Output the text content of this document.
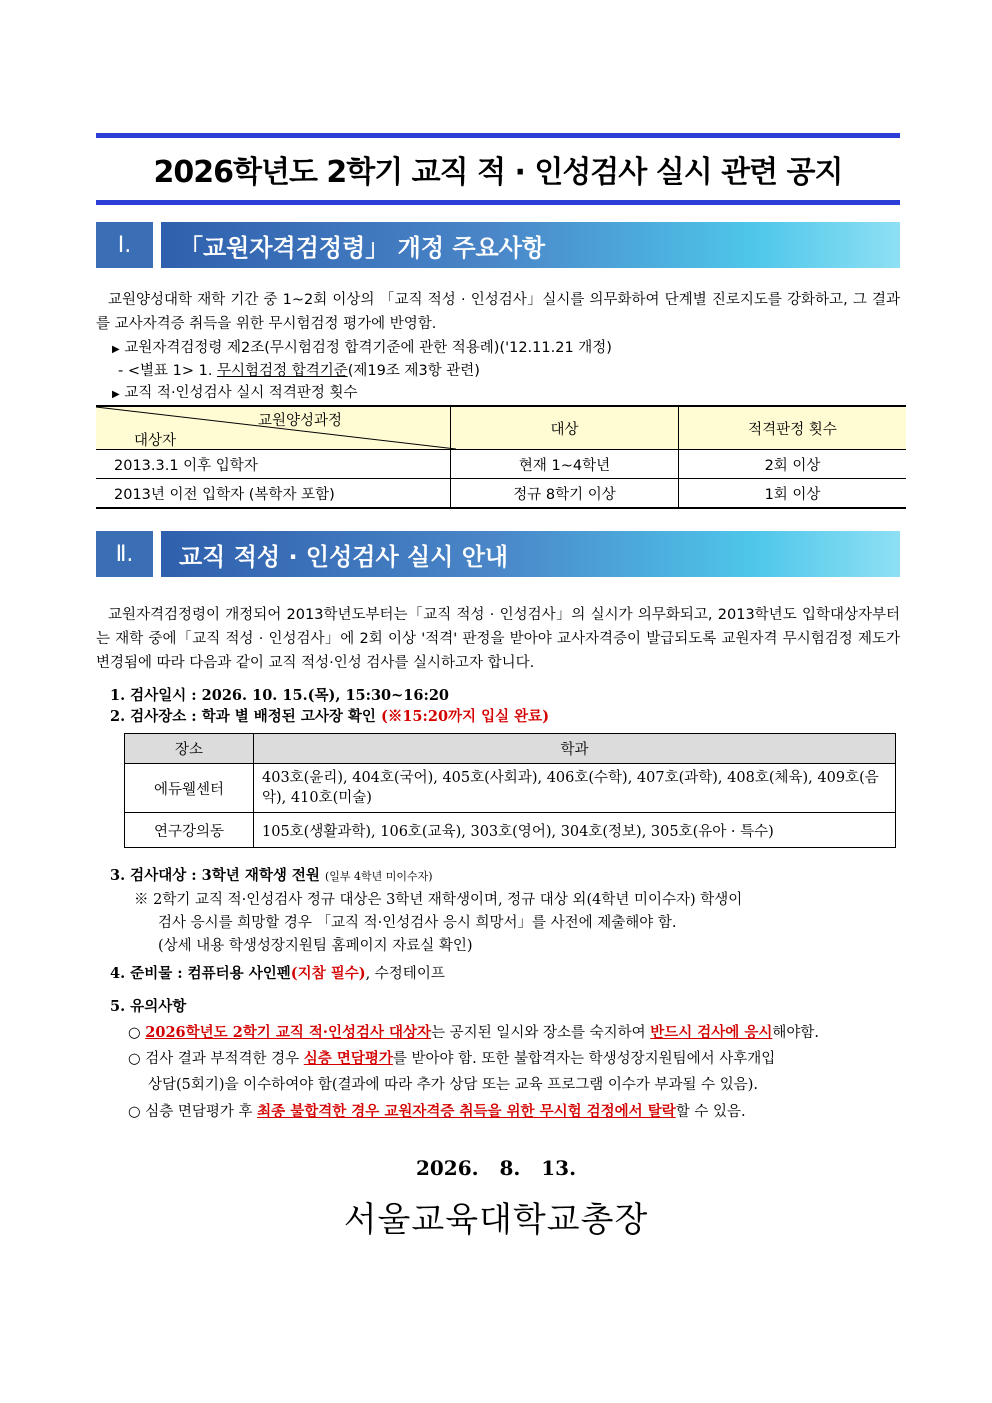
2026학년도 2학기 교직 적 · 인성검사 실시 관련 공지
Ⅰ.	「교원자격검정령」 개정 주요사항
교원양성대학 재학 기간 중 1~2회 이상의 「교직 적성 · 인성검사」실시를 의무화하여 단계별 진로지도를 강화하고, 그 결과를 교사자격증 취득을 위한 무시험검정 평가에 반영함.
▶ 교원자격검정령 제2조(무시험검정 합격기준에 관한 적용례)('12.11.21 개정)
- <별표 1> 1. 무시험검정 합격기준(제19조 제3항 관련)
▶ 교직 적·인성검사 실시 적격판정 횟수
교원양성과정
대상자	대상	적격판정 횟수
2013.3.1 이후 입학자	현재 1~4학년	2회 이상
2013년 이전 입학자 (복학자 포함)	정규 8학기 이상	1회 이상
Ⅱ.	교직 적성 · 인성검사 실시 안내
교원자격검정령이 개정되어 2013학년도부터는「교직 적성 · 인성검사」의 실시가 의무화되고, 2013학년도 입학대상자부터는 재학 중에「교직 적성 · 인성검사」에 2회 이상 '적격' 판정을 받아야 교사자격증이 발급되도록 교원자격 무시험검정 제도가 변경됨에 따라 다음과 같이 교직 적성·인성 검사를 실시하고자 합니다.
1. 검사일시 : 2026. 10. 15.(목), 15:30~16:20
2. 검사장소 : 학과 별 배정된 고사장 확인 (※15:20까지 입실 완료)
장소	학과
에듀웰센터	403호(윤리), 404호(국어), 405호(사회과), 406호(수학), 407호(과학), 408호(체육), 409호(음악), 410호(미술)
연구강의동	105호(생활과학), 106호(교육), 303호(영어), 304호(정보), 305호(유아 · 특수)
3. 검사대상 : 3학년 재학생 전원 (일부 4학년 미이수자)
※ 2학기 교직 적·인성검사 정규 대상은 3학년 재학생이며, 정규 대상 외(4학년 미이수자) 학생이
검사 응시를 희망할 경우 「교직 적·인성검사 응시 희망서」를 사전에 제출해야 함.
(상세 내용 학생성장지원팀 홈페이지 자료실 확인)
4. 준비물 : 컴퓨터용 사인펜(지참 필수), 수정테이프
5. 유의사항
○ 2026학년도 2학기 교직 적·인성검사 대상자는 공지된 일시와 장소를 숙지하여 반드시 검사에 응시해야함.
○ 검사 결과 부적격한 경우 심층 면담평가를 받아야 함. 또한 불합격자는 학생성장지원팀에서 사후개입
상담(5회기)을 이수하여야 함(결과에 따라 추가 상담 또는 교육 프로그램 이수가 부과될 수 있음).
○ 심층 면담평가 후 최종 불합격한 경우 교원자격증 취득을 위한 무시험 검정에서 탈락할 수 있음.
2026.   8.   13.
서울교육대학교총장
